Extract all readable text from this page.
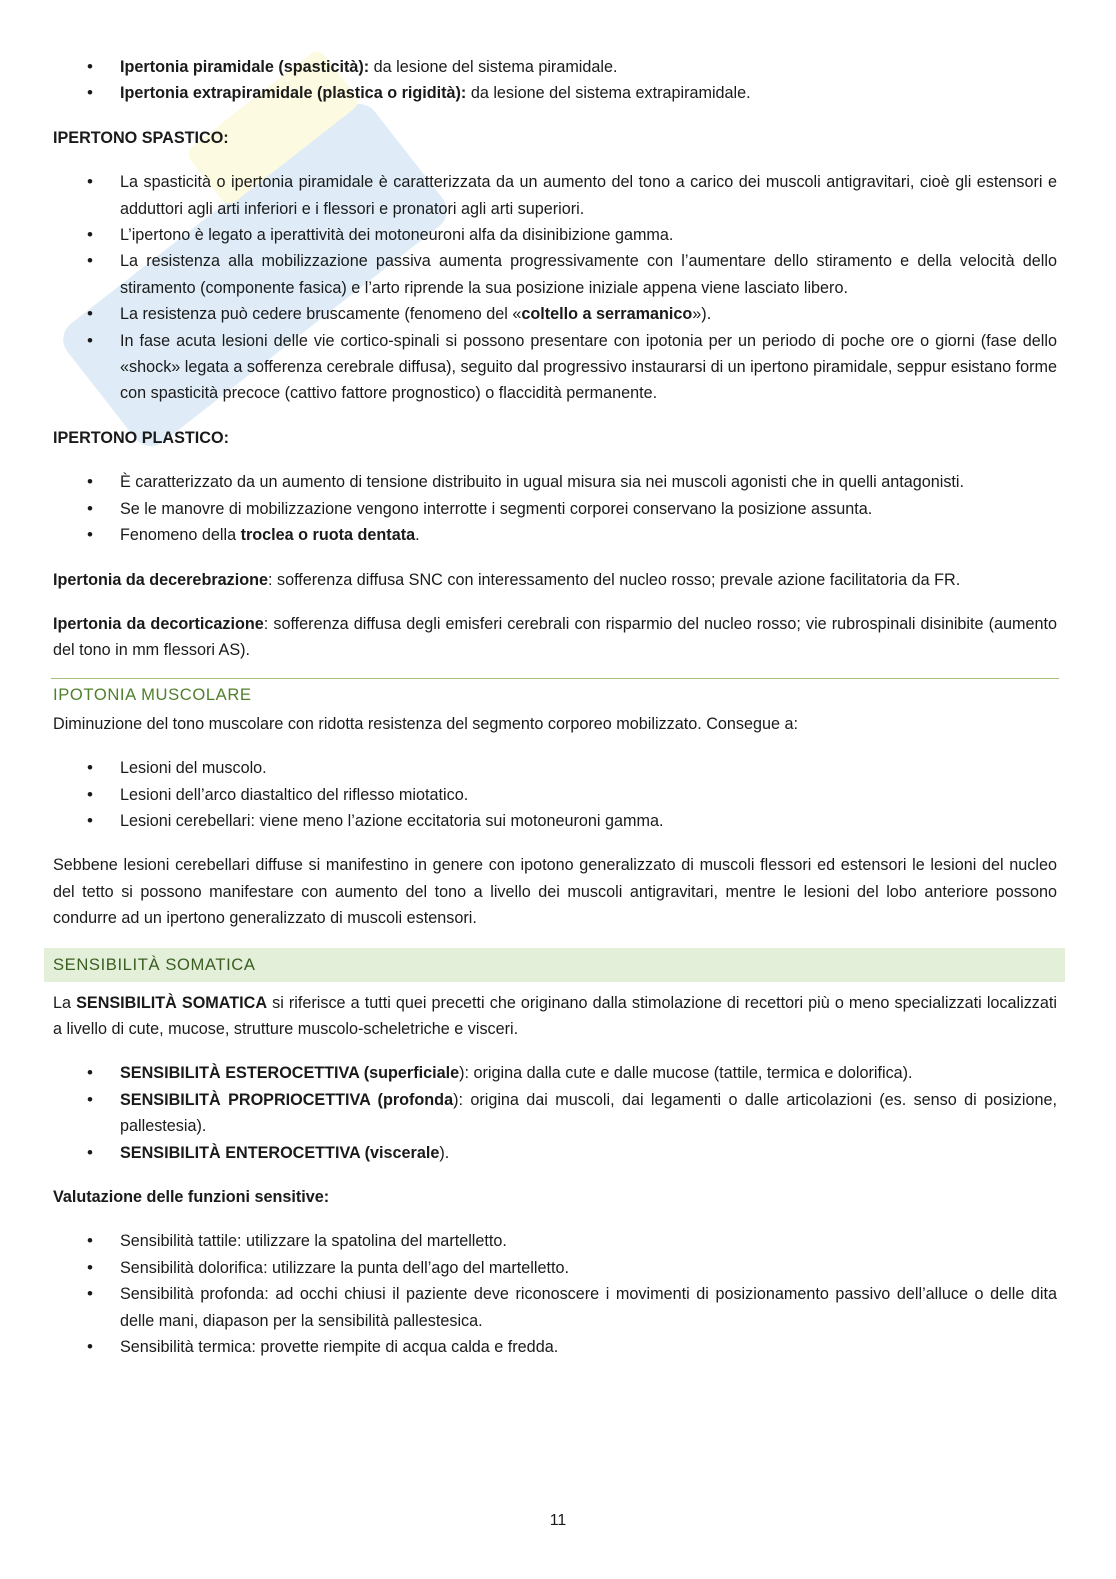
• Ipertonia piramidale (spasticità): da lesione del sistema piramidale.
• Ipertonia extrapiramidale (plastica o rigidità): da lesione del sistema extrapiramidale.
IPERTONO SPASTICO:
• La spasticità o ipertonia piramidale è caratterizzata da un aumento del tono a carico dei muscoli antigravitari, cioè gli estensori e adduttori agli arti inferiori e i flessori e pronatori agli arti superiori.
• L’ipertono è legato a iperattività dei motoneuroni alfa da disinibizione gamma.
• La resistenza alla mobilizzazione passiva aumenta progressivamente con l’aumentare dello stiramento e della velocità dello stiramento (componente fasica) e l’arto riprende la sua posizione iniziale appena viene lasciato libero.
• La resistenza può cedere bruscamente (fenomeno del «coltello a serramanico»).
• In fase acuta lesioni delle vie cortico-spinali si possono presentare con ipotonia per un periodo di poche ore o giorni (fase dello «shock» legata a sofferenza cerebrale diffusa), seguito dal progressivo instaurarsi di un ipertono piramidale, seppur esistano forme con spasticità precoce (cattivo fattore prognostico) o flaccidità permanente.
IPERTONO PLASTICO:
• È caratterizzato da un aumento di tensione distribuito in ugual misura sia nei muscoli agonisti che in quelli antagonisti.
• Se le manovre di mobilizzazione vengono interrotte i segmenti corporei conservano la posizione assunta.
• Fenomeno della troclea o ruota dentata.

Ipertonia da decerebrazione: sofferenza diffusa SNC con interessamento del nucleo rosso; prevale azione facilitatoria da FR.

Ipertonia da decorticazione: sofferenza diffusa degli emisferi cerebrali con risparmio del nucleo rosso; vie rubrospinali disinibite (aumento del tono in mm flessori AS).

IPOTONIA MUSCOLARE

Diminuzione del tono muscolare con ridotta resistenza del segmento corporeo mobilizzato. Consegue a:

• Lesioni del muscolo.
• Lesioni dell’arco diastaltico del riflesso miotatico.
• Lesioni cerebellari: viene meno l’azione eccitatoria sui motoneuroni gamma.

Sebbene lesioni cerebellari diffuse si manifestino in genere con ipotono generalizzato di muscoli flessori ed estensori le lesioni del nucleo del tetto si possono manifestare con aumento del tono a livello dei muscoli antigravitari, mentre le lesioni del lobo anteriore possono condurre ad un ipertono generalizzato di muscoli estensori.

SENSIBILITÀ SOMATICA

La SENSIBILITÀ SOMATICA si riferisce a tutti quei precetti che originano dalla stimolazione di recettori più o meno specializzati localizzati a livello di cute, mucose, strutture muscolo-scheletriche e visceri.

• SENSIBILITÀ ESTEROCETTIVA (superficiale): origina dalla cute e dalle mucose (tattile, termica e dolorifica).
• SENSIBILITÀ PROPRIOCETTIVA (profonda): origina dai muscoli, dai legamenti o dalle articolazioni (es. senso di posizione, pallestesia).
• SENSIBILITÀ ENTEROCETTIVA (viscerale).
Valutazione delle funzioni sensitive:
• Sensibilità tattile: utilizzare la spatolina del martelletto.
• Sensibilità dolorifica: utilizzare la punta dell’ago del martelletto.
• Sensibilità profonda: ad occhi chiusi il paziente deve riconoscere i movimenti di posizionamento passivo dell’alluce o delle dita delle mani, diapason per la sensibilità pallestesica.
• Sensibilità termica: provette riempite di acqua calda e fredda.
11
